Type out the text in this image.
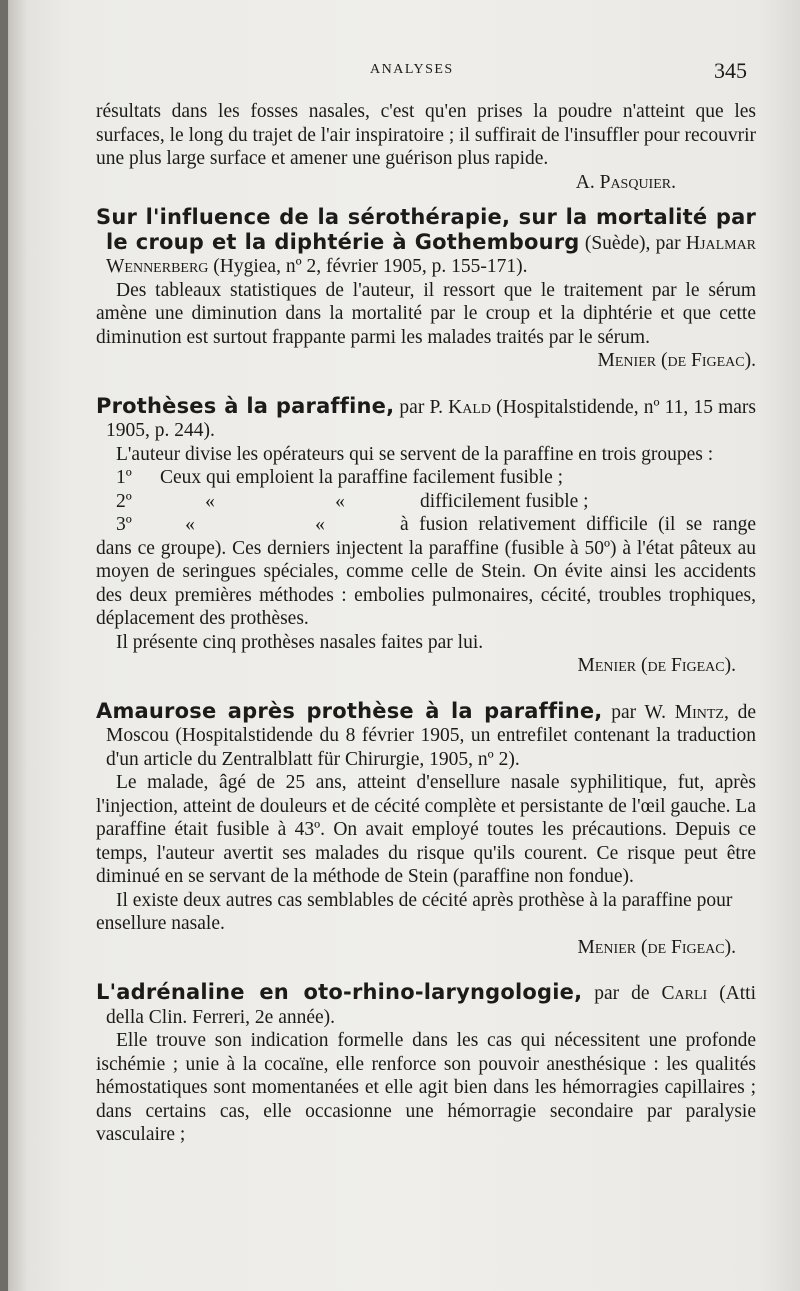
ANALYSES	345

résultats dans les fosses nasales, c'est qu'en prises la poudre n'atteint que les surfaces, le long du trajet de l'air inspiratoire ; il suffirait de l'insuffler pour recouvrir une plus large surface et amener une guérison plus rapide.

A. Pasquier.

Sur l'influence de la sérothérapie, sur la mortalité par le croup et la diphtérie à Gothembourg (Suède), par Hjalmar Wennerberg (Hygiea, nº 2, février 1905, p. 155-171).

Des tableaux statistiques de l'auteur, il ressort que le traitement par le sérum amène une diminution dans la mortalité par le croup et la diphtérie et que cette diminution est surtout frappante parmi les malades traités par le sérum.

Menier (de Figeac).

Prothèses à la paraffine, par P. Kald (Hospitalstidende, nº 11, 15 mars 1905, p. 244).

L'auteur divise les opérateurs qui se servent de la paraffine en trois groupes :

1º	Ceux qui emploient la paraffine facilement fusible ;
2º	«	«	difficilement fusible ;
3º	«	«	à fusion relativement difficile (il se range dans ce groupe). Ces derniers injectent la paraffine (fusible à 50º) à l'état pâteux au moyen de seringues spéciales, comme celle de Stein. On évite ainsi les accidents des deux premières méthodes : embolies pulmonaires, cécité, troubles trophiques, déplacement des prothèses.

Il présente cinq prothèses nasales faites par lui.

Menier (de Figeac).

Amaurose après prothèse à la paraffine, par W. Mintz, de Moscou (Hospitalstidende du 8 février 1905, un entrefilet contenant la traduction d'un article du Zentralblatt für Chirurgie, 1905, nº 2).

Le malade, âgé de 25 ans, atteint d'ensellure nasale syphilitique, fut, après l'injection, atteint de douleurs et de cécité complète et persistante de l'œil gauche. La paraffine était fusible à 43º. On avait employé toutes les précautions. Depuis ce temps, l'auteur avertit ses malades du risque qu'ils courent. Ce risque peut être diminué en se servant de la méthode de Stein (paraffine non fondue).

Il existe deux autres cas semblables de cécité après prothèse à la paraffine pour ensellure nasale.

Menier (de Figeac).

L'adrénaline en oto-rhino-laryngologie, par de Carli (Atti della Clin. Ferreri, 2e année).

Elle trouve son indication formelle dans les cas qui nécessitent une profonde ischémie ; unie à la cocaïne, elle renforce son pouvoir anesthésique : les qualités hémostatiques sont momentanées et elle agit bien dans les hémorragies capillaires ; dans certains cas, elle occasionne une hémorragie secondaire par paralysie vasculaire ;
